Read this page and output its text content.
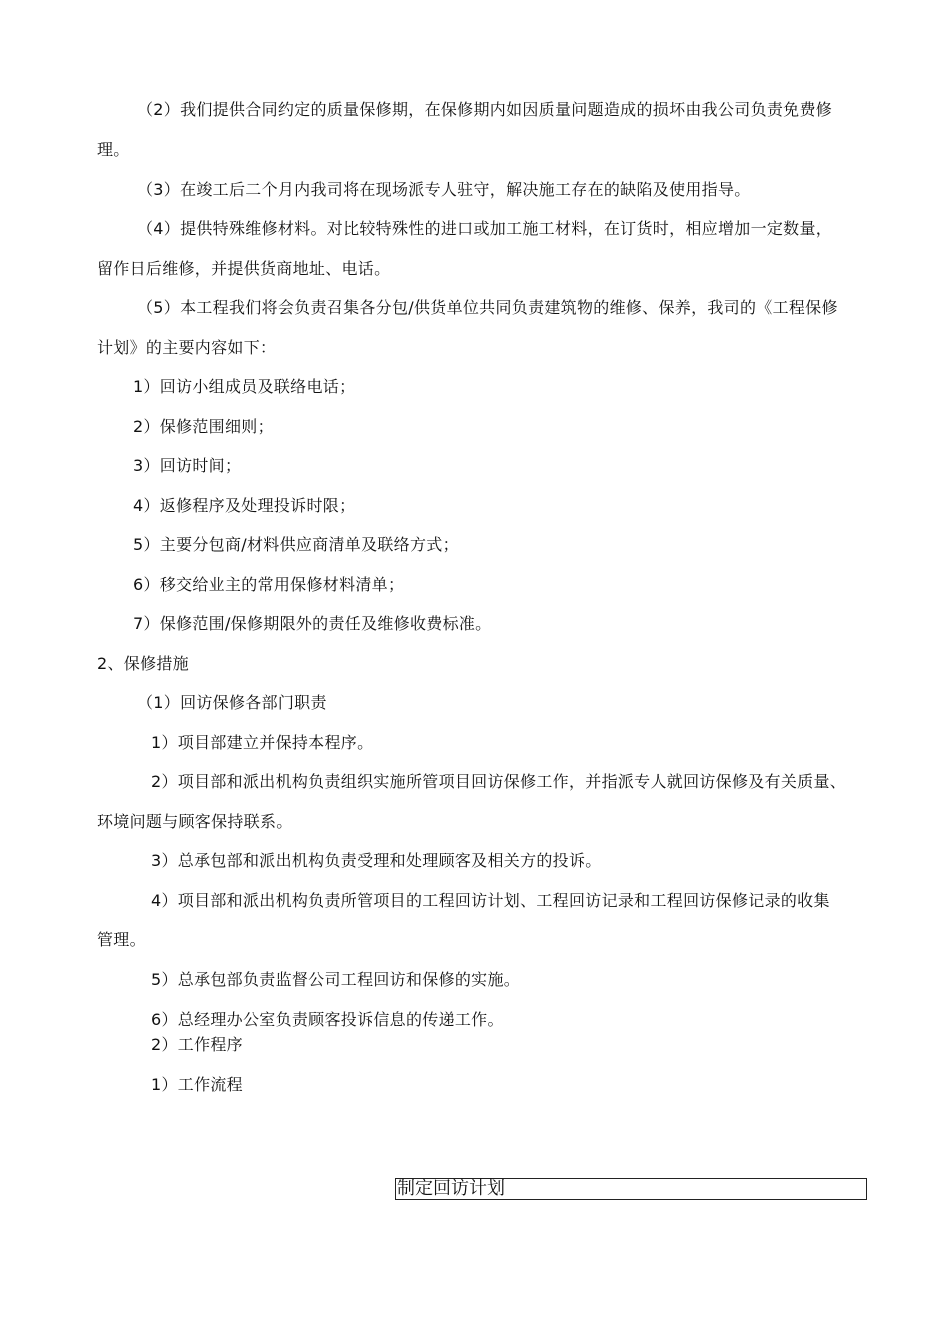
（2）我们提供合同约定的质量保修期，在保修期内如因质量问题造成的损坏由我公司负责免费修
理。
（3）在竣工后二个月内我司将在现场派专人驻守，解决施工存在的缺陷及使用指导。
（4）提供特殊维修材料。对比较特殊性的进口或加工施工材料，在订货时，相应增加一定数量，
留作日后维修，并提供货商地址、电话。
（5）本工程我们将会负责召集各分包/供货单位共同负责建筑物的维修、保养，我司的《工程保修
计划》的主要内容如下：
1）回访小组成员及联络电话；
2）保修范围细则；
3）回访时间；
4）返修程序及处理投诉时限；
5）主要分包商/材料供应商清单及联络方式；
6）移交给业主的常用保修材料清单；
7）保修范围/保修期限外的责任及维修收费标准。
2、保修措施
（1）回访保修各部门职责
1）项目部建立并保持本程序。
2）项目部和派出机构负责组织实施所管项目回访保修工作，并指派专人就回访保修及有关质量、
环境问题与顾客保持联系。
3）总承包部和派出机构负责受理和处理顾客及相关方的投诉。
4）项目部和派出机构负责所管项目的工程回访计划、工程回访记录和工程回访保修记录的收集
管理。
5）总承包部负责监督公司工程回访和保修的实施。
6）总经理办公室负责顾客投诉信息的传递工作。
2）工作程序
1）工作流程
制定回访计划
